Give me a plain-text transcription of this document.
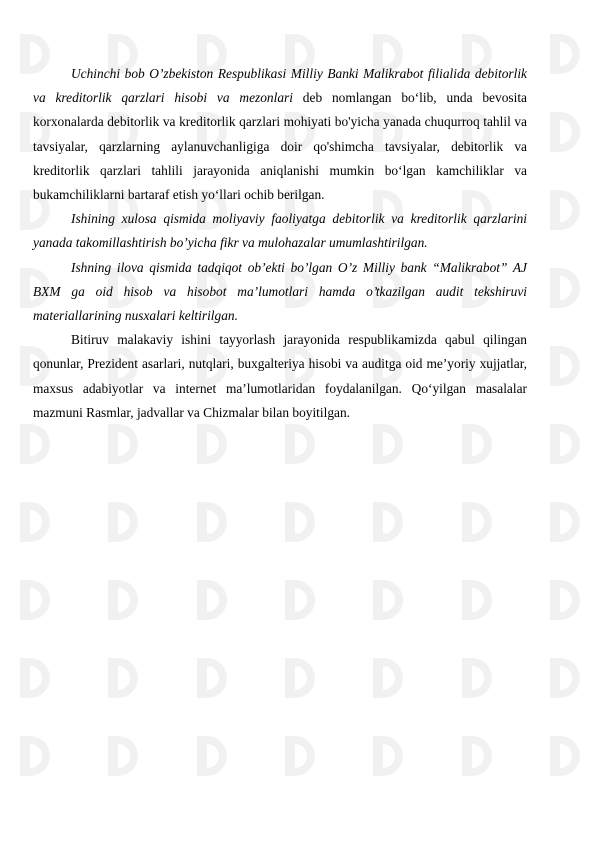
Uchinchi bob O’zbekiston Respublikasi Milliy Banki Malikrabot filialida debitorlik va kreditorlik qarzlari hisobi va mezonlari deb nomlangan bo‘lib, unda bevosita korxonalarda debitorlik va kreditorlik qarzlari mohiyati bo'yicha yanada chuqurroq tahlil va tavsiyalar, qarzlarning aylanuvchanligiga doir qo'shimcha tavsiyalar, debitorlik va kreditorlik qarzlari tahlili jarayonida aniqlanishi mumkin bo‘lgan kamchiliklar va bukamchiliklarni bartaraf etish yo‘llari ochib berilgan.

Ishining xulosa qismida moliyaviy faoliyatga debitorlik va kreditorlik qarzlarini yanada takomillashtirish bo’yicha fikr va mulohazalar umumlashtirilgan.

Ishning ilova qismida tadqiqot ob’ekti bo’lgan O’z Milliy bank “Malikrabot” AJ BXM ga oid hisob va hisobot ma’lumotlari hamda o’tkazilgan audit tekshiruvi materiallarining nusxalari keltirilgan.

Bitiruv malakaviy ishini tayyorlash jarayonida respublikamizda qabul qilingan qonunlar, Prezident asarlari, nutqlari, buxgalteriya hisobi va auditga oid me’yoriy xujjatlar, maxsus adabiyotlar va internet ma’lumotlaridan foydalanilgan. Qo‘yilgan masalalar mazmuni Rasmlar, jadvallar va Chizmalar bilan boyitilgan.
